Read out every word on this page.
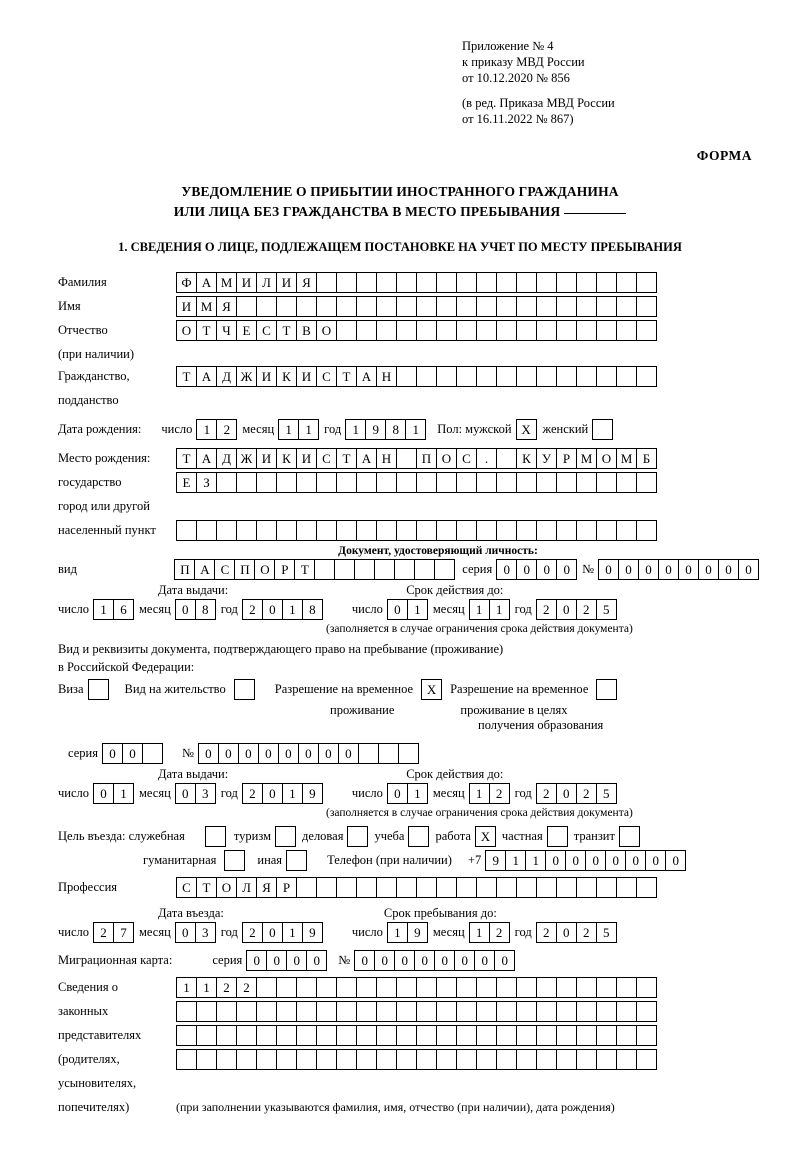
Приложение № 4
к приказу МВД России
от 10.12.2020 № 856
(в ред. Приказа МВД России
от 16.11.2022 № 867)
ФОРМА
УВЕДОМЛЕНИЕ О ПРИБЫТИИ ИНОСТРАННОГО ГРАЖДАНИНА
ИЛИ ЛИЦА БЕЗ ГРАЖДАНСТВА В МЕСТО ПРЕБЫВАНИЯ
1. СВЕДЕНИЯ О ЛИЦЕ, ПОДЛЕЖАЩЕМ ПОСТАНОВКЕ НА УЧЕТ ПО МЕСТУ ПРЕБЫВАНИЯ
Фамилия	Ф А М И Л И Я
Имя	И М Я
Отчество	О Т Ч Е С Т В О
(при наличии)
Гражданство,	Т А Д Ж И К И С Т А Н
подданство
Дата рождения: число 1	2 месяц 1	1 год 1	9	8	1	Пол: мужской Х женский
Место рождения:	Т А Д Ж И К И С Т А Н	П О С	.	К У Р М О М Б
государство	Е З
город или другой
населенный пункт
Документ, удостоверяющий личность:
вид	П А С П О Р Т	серия 0	0	0	0 № 0	0	0	0	0	0	0	0
Дата выдачи:	Срок действия до:
число 1	6 месяц 0	8 год 2	0	1	8	число 0	1 месяц 1	1 год 2	0	2	5
(заполняется в случае ограничения срока действия документа)
Вид и реквизиты документа, подтверждающего право на пребывание (проживание)
в Российской Федерации:
Виза	Вид на жительство	Разрешение на временное	Х	Разрешение на временное
проживание	проживание в целях
получения образования
серия 0	0	№ 0	0	0	0	0	0	0	0
Дата выдачи:	Срок действия до:
число 0	1 месяц 0	3 год 2	0	1	9	число 0	1 месяц 1	2 год 2	0	2	5
(заполняется в случае ограничения срока действия документа)
Цель въезда: служебная	туризм деловая учеба работа Х частная транзит
гуманитарная	иная	Телефон (при наличии) +7 9	1	1	0	0	0	0	0	0	0
Профессия	С Т О Л Я Р
Дата въезда:	Срок пребывания до:
число 2	7 месяц 0	3 год 2	0	1	9	число 1	9 месяц 1	2 год 2	0	2	5
Миграционная карта:	серия 0	0	0	0	№ 0	0	0	0	0	0	0	0
Сведения о	1	1	2	2
законных
представителях
(родителях,
усыновителях,
попечителях)	(при заполнении указываются фамилия, имя, отчество (при наличии), дата рождения)
